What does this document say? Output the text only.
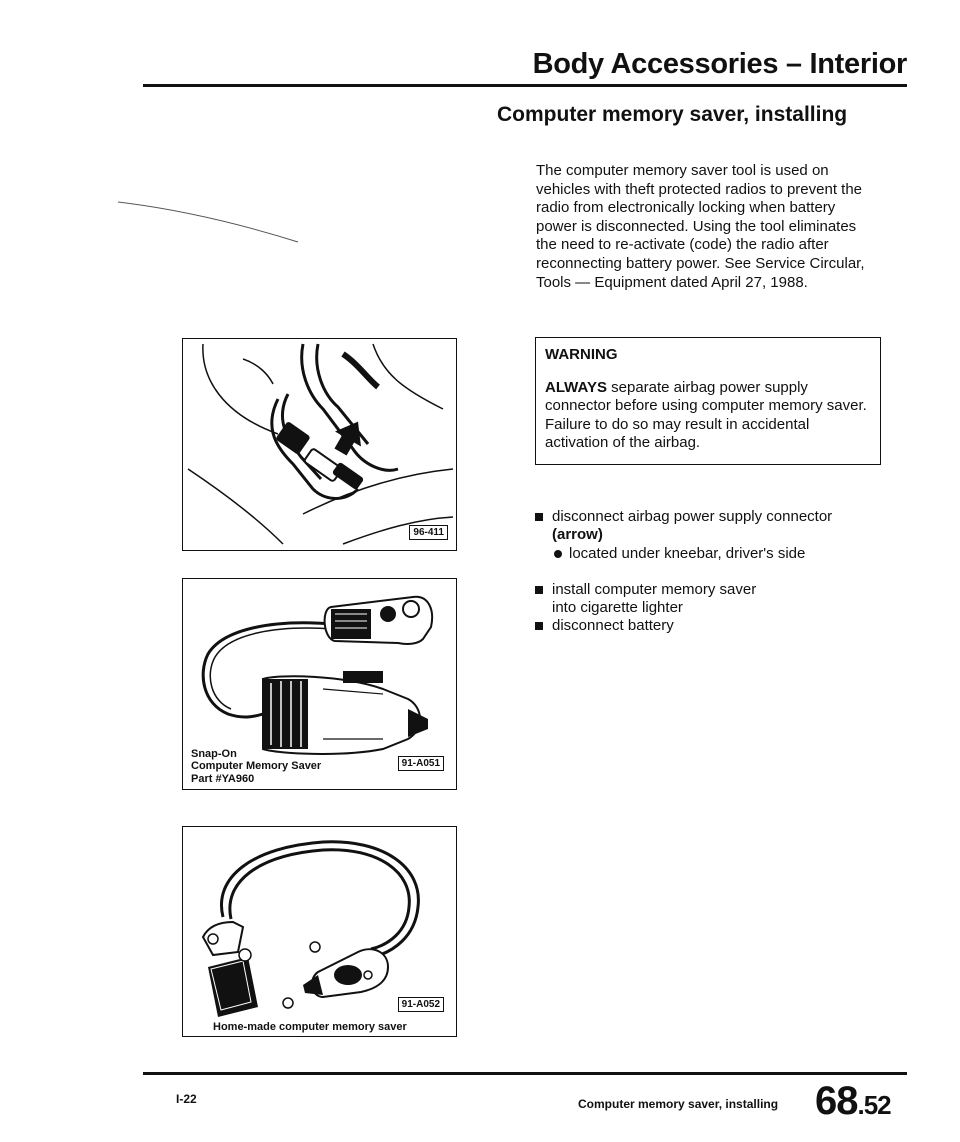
Body Accessories – Interior
Computer memory saver, installing
The computer memory saver tool is used on vehicles with theft protected radios to prevent the radio from electronically locking when battery power is disconnected. Using the tool eliminates the need to re-activate (code) the radio after reconnecting battery power. See Service Circular, Tools — Equipment dated April 27, 1988.
WARNING
ALWAYS separate airbag power supply connector before using computer memory saver. Failure to do so may result in accidental activation of the airbag.
disconnect airbag power supply connector
(arrow)
located under kneebar, driver's side
install computer memory saver into cigarette lighter
disconnect battery
96-411
Snap-On
Computer Memory Saver
Part #YA960
91-A051
91-A052
Home-made computer memory saver
I-22	Computer memory saver, installing 68.52
